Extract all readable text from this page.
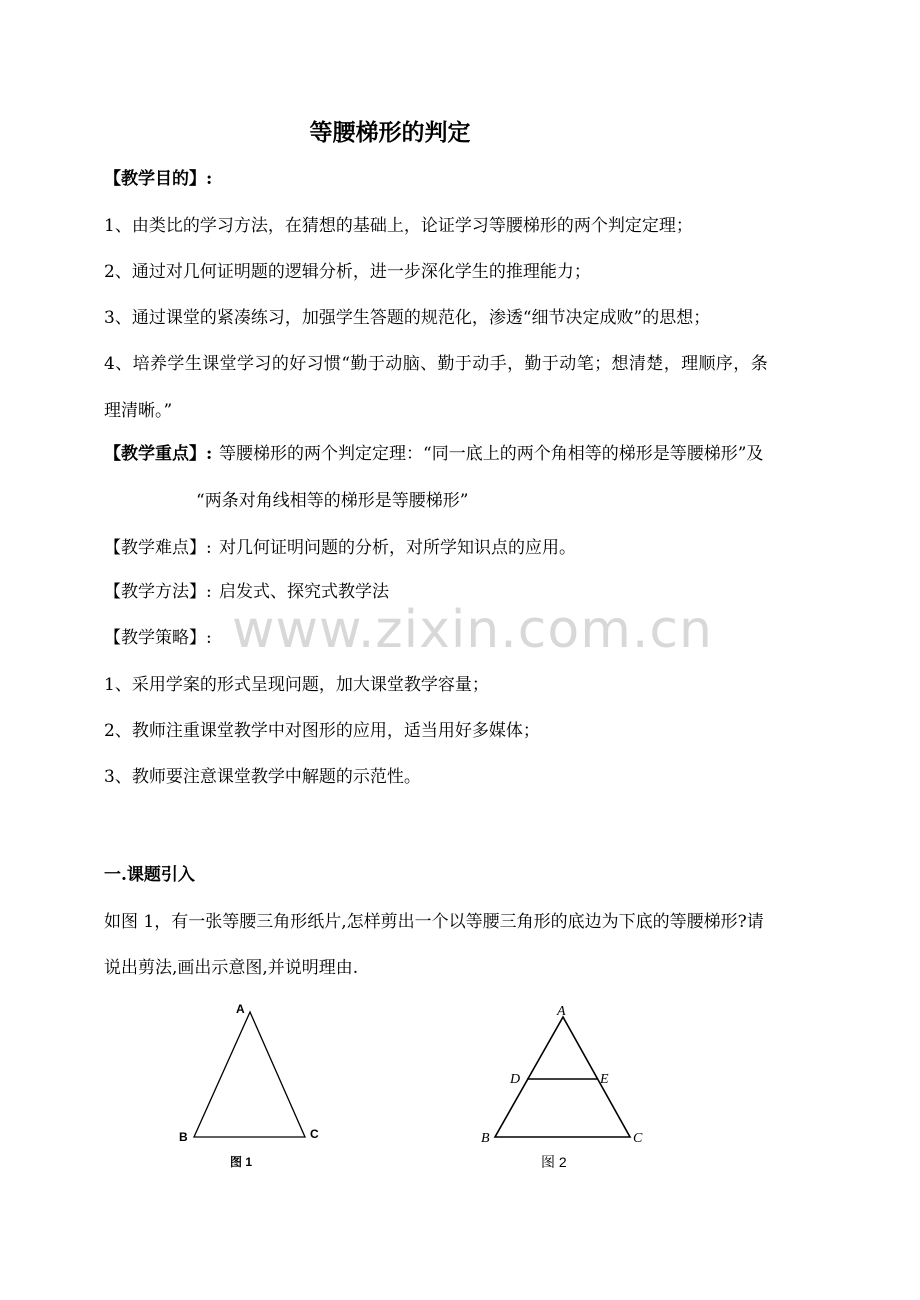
等腰梯形的判定
【教学目的】:
1、由类比的学习方法，在猜想的基础上，论证学习等腰梯形的两个判定定理；
2、通过对几何证明题的逻辑分析，进一步深化学生的推理能力；
3、通过课堂的紧凑练习，加强学生答题的规范化，渗透“细节决定成败”的思想；
4、培养学生课堂学习的好习惯“勤于动脑、勤于动手，勤于动笔；想清楚，理顺序，条
理清晰。”
【教学重点】: 等腰梯形的两个判定定理：“同一底上的两个角相等的梯形是等腰梯形”及
“两条对角线相等的梯形是等腰梯形”
【教学难点】: 对几何证明问题的分析，对所学知识点的应用。
【教学方法】: 启发式、探究式教学法
【教学策略】:
1、采用学案的形式呈现问题，加大课堂教学容量；
2、教师注重课堂教学中对图形的应用，适当用好多媒体；
3、教师要注意课堂教学中解题的示范性。
www.zixin.com.cn
一.课题引入
如图 1，有一张等腰三角形纸片,怎样剪出一个以等腰三角形的底边为下底的等腰梯形?请
说出剪法,画出示意图,并说明理由.
A
B	C
图 1
A
D	E
B	C
图 2
